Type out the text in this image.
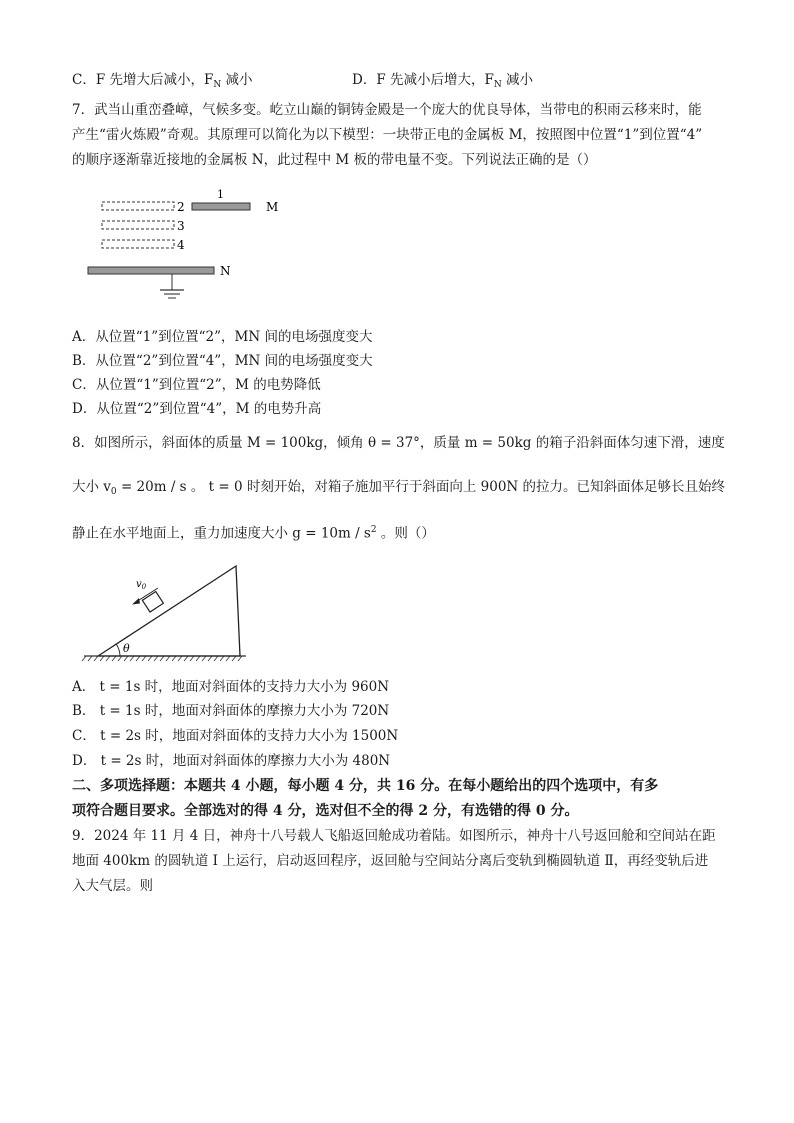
C．F 先增大后减小，$F_N$ 减小	D．F 先减小后增大，$F_N$ 减小
7．武当山重峦叠嶂，气候多变。屹立山巅的铜铸金殿是一个庞大的优良导体，当带电的积雨云移来时，能
产生“雷火炼殿”奇观。其原理可以简化为以下模型：一块带正电的金属板 M，按照图中位置“1”到位置“4”
的顺序逐渐靠近接地的金属板 N，此过程中 M 板的带电量不变。下列说法正确的是（）
2
3
4
1
M
N
A．从位置“1”到位置“2”，MN 间的电场强度变大
B．从位置“2”到位置“4”，MN 间的电场强度变大
C．从位置“1”到位置“2”，M 的电势降低
D．从位置“2”到位置“4”，M 的电势升高
8．如图所示，斜面体的质量 M = 100kg，倾角 θ = 37°，质量 m = 50kg 的箱子沿斜面体匀速下滑，速度
大小 $v_0 = 20m / s$ 。 t = 0 时刻开始，对箱子施加平行于斜面向上 900N 的拉力。已知斜面体足够长且始终
静止在水平地面上，重力加速度大小 $g = 10m / s^2$ 。则（）
θ
$v_0$
A． t = 1s 时，地面对斜面体的支持力大小为 960N
B． t = 1s 时，地面对斜面体的摩擦力大小为 720N
C． t = 2s 时，地面对斜面体的支持力大小为 1500N
D． t = 2s 时，地面对斜面体的摩擦力大小为 480N
二、多项选择题：本题共 4 小题，每小题 4 分，共 16 分。在每小题给出的四个选项中，有多
项符合题目要求。全部选对的得 4 分，选对但不全的得 2 分，有选错的得 0 分。
9．2024 年 11 月 4 日，神舟十八号载人飞船返回舱成功着陆。如图所示，神舟十八号返回舱和空间站在距
地面 400km 的圆轨道 Ⅰ 上运行，启动返回程序，返回舱与空间站分离后变轨到椭圆轨道 Ⅱ，再经变轨后进
入大气层。则
